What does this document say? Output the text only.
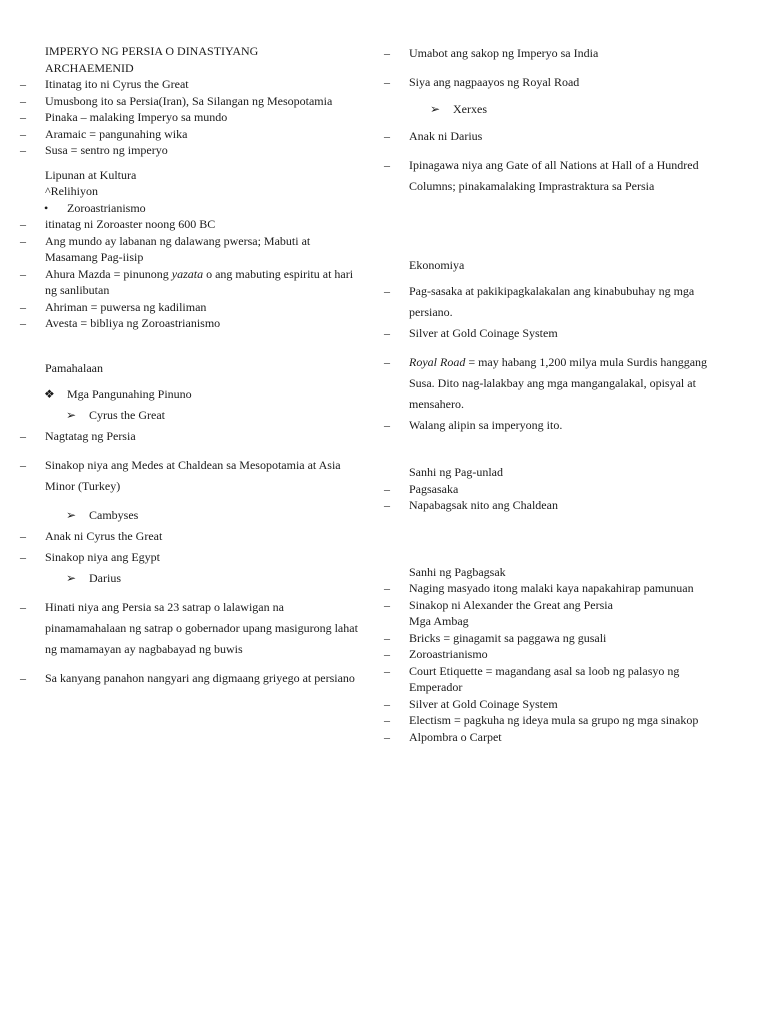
IMPERYO NG PERSIA O DINASTIYANG
ARCHAEMENID
–	Itinatag ito ni Cyrus the Great
–	Umusbong ito sa Persia(Iran), Sa Silangan ng Mesopotamia
–	Pinaka – malaking Imperyo sa mundo
–	Aramaic = pangunahing wika
–	Susa = sentro ng imperyo
Lipunan at Kultura
^Relihiyon
•	Zoroastrianismo
–	itinatag ni Zoroaster noong 600 BC
–	Ang mundo ay labanan ng dalawang pwersa; Mabuti at Masamang Pag-iisip
–	Ahura Mazda = pinunong yazata o ang mabuting espiritu at hari ng sanlibutan
–	Ahriman = puwersa ng kadiliman
–	Avesta = bibliya ng Zoroastrianismo
Pamahalaan
❖	Mga Pangunahing Pinuno
➢	Cyrus the Great
–	Nagtatag ng Persia
–	Sinakop niya ang Medes at Chaldean sa Mesopotamia at Asia Minor (Turkey)
➢	Cambyses
–	Anak ni Cyrus the Great
–	Sinakop niya ang Egypt
➢	Darius
–	Hinati niya ang Persia sa 23 satrap o lalawigan na pinamamahalaan ng satrap o gobernador upang masigurong lahat ng mamamayan ay nagbabayad ng buwis
–	Sa kanyang panahon nangyari ang digmaang griyego at persiano
–	Umabot ang sakop ng Imperyo sa India
–	Siya ang nagpaayos ng Royal Road
➢	Xerxes
–	Anak ni Darius
–	Ipinagawa niya ang Gate of all Nations at Hall of a Hundred Columns; pinakamalaking Imprastraktura sa Persia
Ekonomiya
–	Pag-sasaka at pakikipagkalakalan ang kinabubuhay ng mga persiano.
–	Silver at Gold Coinage System
–	Royal Road = may habang 1,200 milya mula Surdis hanggang Susa. Dito nag-lalakbay ang mga mangangalakal, opisyal at mensahero.
–	Walang alipin sa imperyong ito.
Sanhi ng Pag-unlad
–	Pagsasaka
–	Napabagsak nito ang Chaldean
Sanhi ng Pagbagsak
–	Naging masyado itong malaki kaya napakahirap pamunuan
–	Sinakop ni Alexander the Great ang Persia
Mga Ambag
–	Bricks = ginagamit sa paggawa ng gusali
–	Zoroastrianismo
–	Court Etiquette = magandang asal sa loob ng palasyo ng Emperador
–	Silver at Gold Coinage System
–	Electism = pagkuha ng ideya mula sa grupo ng mga sinakop
–	Alpombra o Carpet
